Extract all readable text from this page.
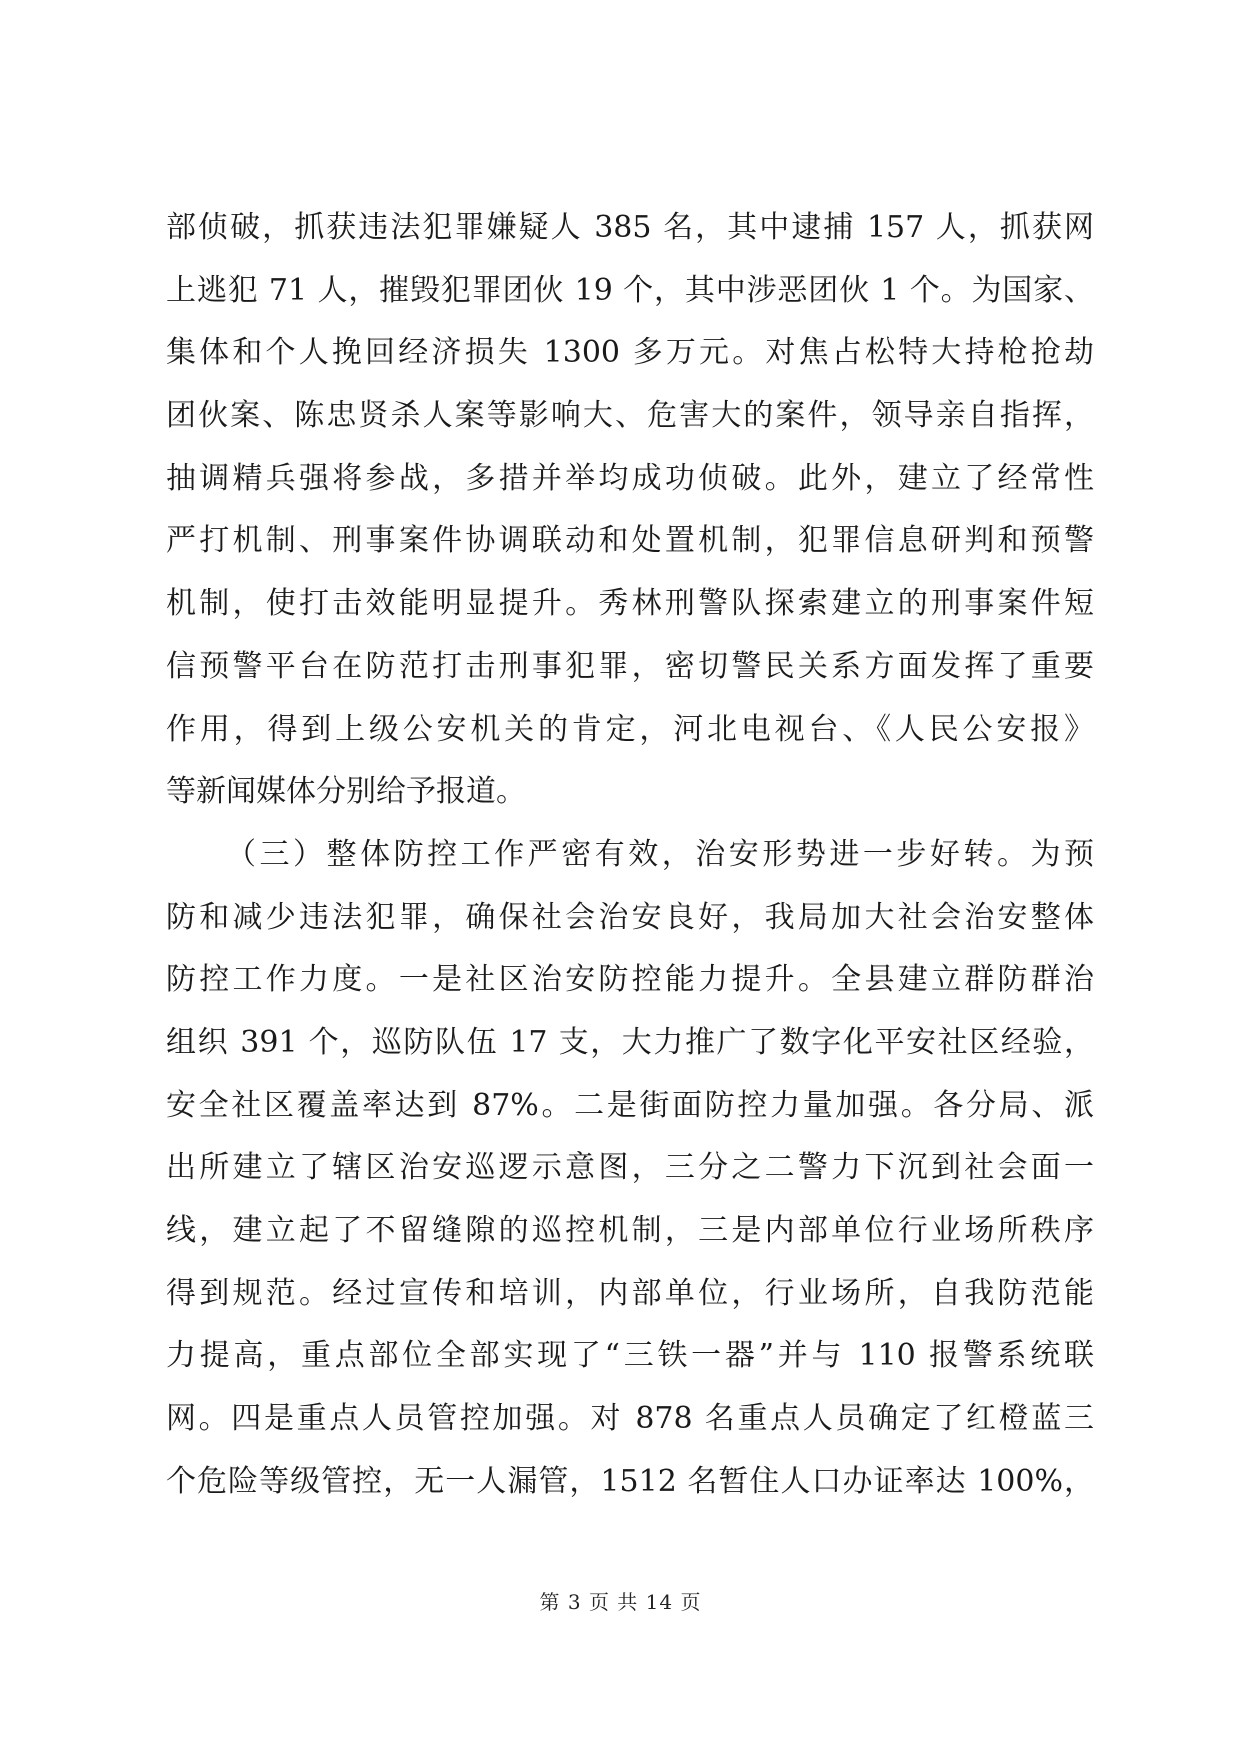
部侦破，抓获违法犯罪嫌疑人 385 名，其中逮捕 157 人，抓获网
上逃犯 71 人，摧毁犯罪团伙 19 个，其中涉恶团伙 1 个。为国家、
集体和个人挽回经济损失 1300 多万元。对焦占松特大持枪抢劫
团伙案、陈忠贤杀人案等影响大、危害大的案件，领导亲自指挥，
抽调精兵强将参战，多措并举均成功侦破。此外，建立了经常性
严打机制、刑事案件协调联动和处置机制，犯罪信息研判和预警
机制，使打击效能明显提升。秀林刑警队探索建立的刑事案件短
信预警平台在防范打击刑事犯罪，密切警民关系方面发挥了重要
作用，得到上级公安机关的肯定，河北电视台、《人民公安报》
等新闻媒体分别给予报道。
（三）整体防控工作严密有效，治安形势进一步好转。为预
防和减少违法犯罪，确保社会治安良好，我局加大社会治安整体
防控工作力度。一是社区治安防控能力提升。全县建立群防群治
组织 391 个，巡防队伍 17 支，大力推广了数字化平安社区经验，
安全社区覆盖率达到 87%。二是街面防控力量加强。各分局、派
出所建立了辖区治安巡逻示意图，三分之二警力下沉到社会面一
线，建立起了不留缝隙的巡控机制，三是内部单位行业场所秩序
得到规范。经过宣传和培训，内部单位，行业场所，自我防范能
力提高，重点部位全部实现了“三铁一器”并与 110 报警系统联
网。四是重点人员管控加强。对 878 名重点人员确定了红橙蓝三
个危险等级管控，无一人漏管，1512 名暂住人口办证率达 100%，
第 3 页 共 14 页
